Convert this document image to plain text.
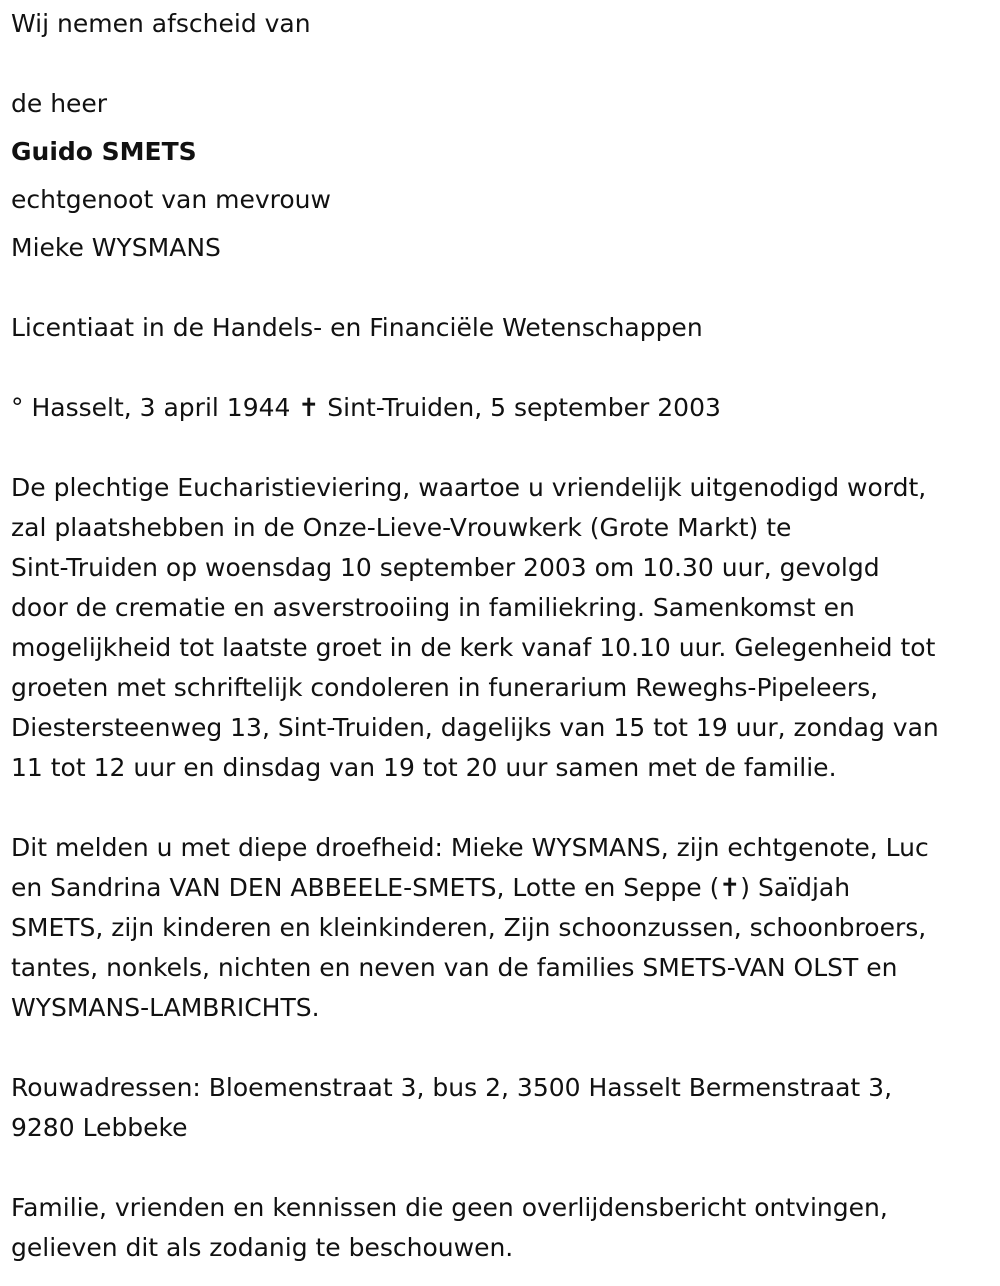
Wij nemen afscheid van

de heer

Guido SMETS

echtgenoot van mevrouw

Mieke WYSMANS

Licentiaat in de Handels- en Financiële Wetenschappen

° Hasselt, 3 april 1944 ✝ Sint-Truiden, 5 september 2003

De plechtige Eucharistieviering, waartoe u vriendelijk uitgenodigd wordt,

zal plaatshebben in de Onze-Lieve-Vrouwkerk (Grote Markt) te

Sint-Truiden op woensdag 10 september 2003 om 10.30 uur, gevolgd

door de crematie en asverstrooiing in familiekring. Samenkomst en

mogelijkheid tot laatste groet in de kerk vanaf 10.10 uur. Gelegenheid tot

groeten met schriftelijk condoleren in funerarium Reweghs-Pipeleers,

Diestersteenweg 13, Sint-Truiden, dagelijks van 15 tot 19 uur, zondag van

11 tot 12 uur en dinsdag van 19 tot 20 uur samen met de familie.

Dit melden u met diepe droefheid: Mieke WYSMANS, zijn echtgenote, Luc

en Sandrina VAN DEN ABBEELE-SMETS, Lotte en Seppe (✝) Saïdjah

SMETS, zijn kinderen en kleinkinderen, Zijn schoonzussen, schoonbroers,

tantes, nonkels, nichten en neven van de families SMETS-VAN OLST en

WYSMANS-LAMBRICHTS.

Rouwadressen: Bloemenstraat 3, bus 2, 3500 Hasselt Bermenstraat 3,

9280 Lebbeke

Familie, vrienden en kennissen die geen overlijdensbericht ontvingen,

gelieven dit als zodanig te beschouwen.
